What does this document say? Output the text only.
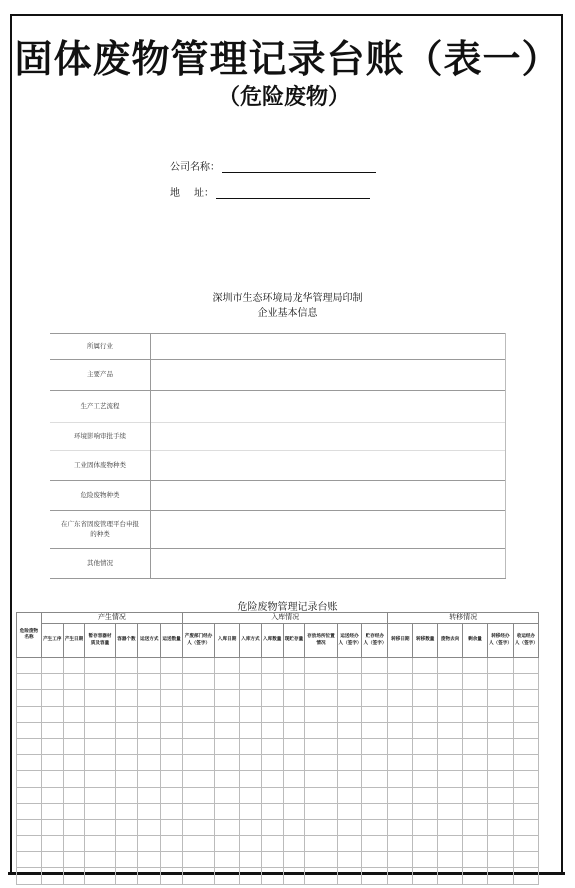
固体废物管理记录台账（表一）
（危险废物）
公司名称：
地 址：
深圳市生态环境局龙华管理局印制
企业基本信息
所属行业	
主要产品	
生产工艺流程	
环境影响审批手续	
工业固体废物种类	
危险废物种类	
在广东省固废管理平台申报的种类	
其他情况	
危险废物管理记录台账
危险废物名称	产生情况						入库情况								转移情况					
	产生工序	产生日期	暂存容器材质及容量	容器个数	运送方式	运送数量	产废部门经办人（签字）	入库日期	入库方式	入库数量	现贮存量	存放场所位置情况	运送经办人（签字）	贮存经办人（签字）	转移日期	转移数量	废物去向	剩余量	转移经办人（签字）	收运经办人（签字）
